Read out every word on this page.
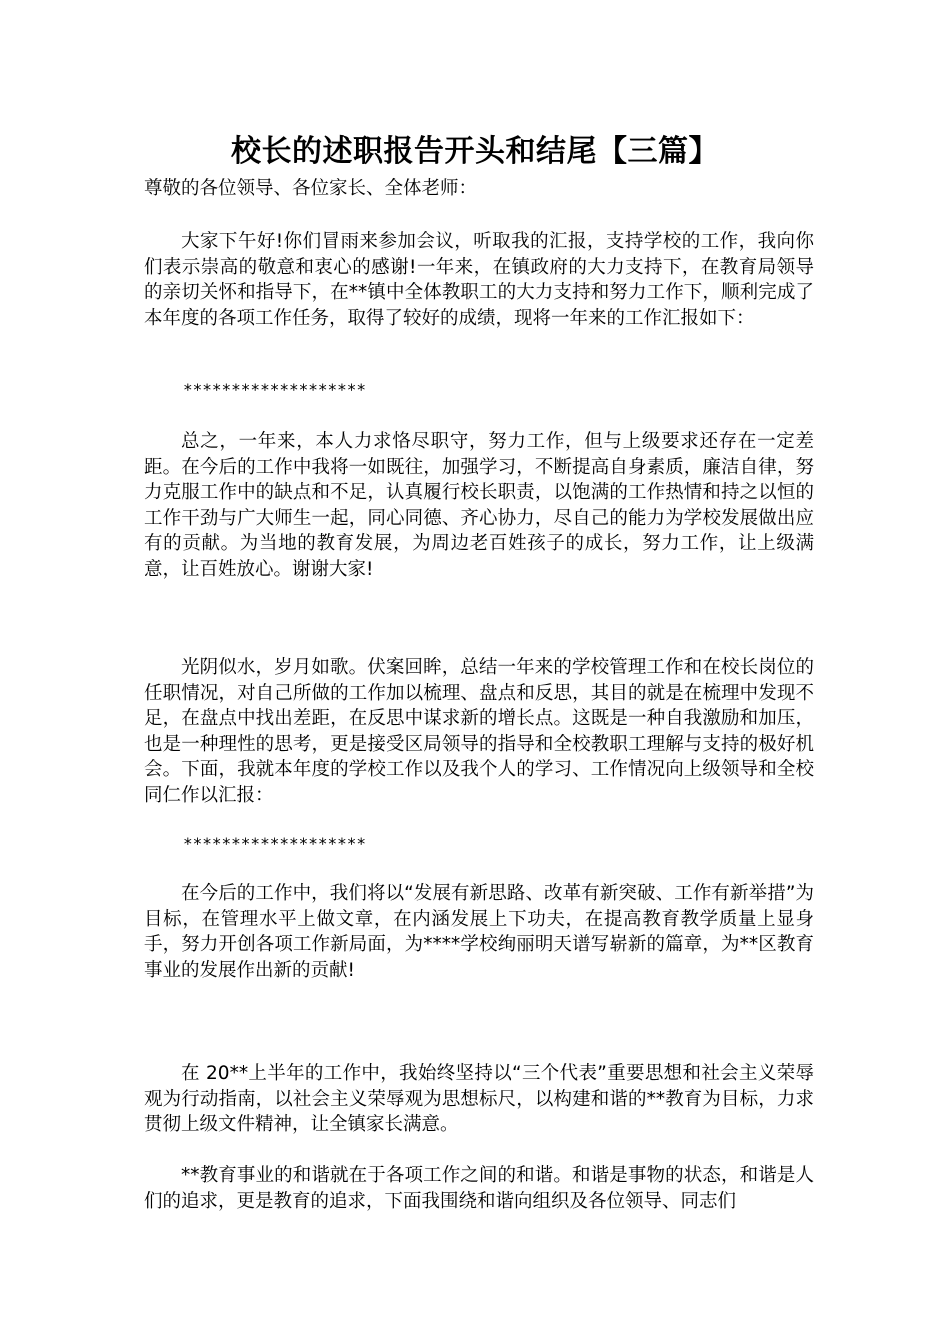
校长的述职报告开头和结尾【三篇】

尊敬的各位领导、各位家长、全体老师：

大家下午好!你们冒雨来参加会议，听取我的汇报，支持学校的工作，我向你们表示崇高的敬意和衷心的感谢!一年来，在镇政府的大力支持下，在教育局领导的亲切关怀和指导下，在**镇中全体教职工的大力支持和努力工作下，顺利完成了本年度的各项工作任务，取得了较好的成绩，现将一年来的工作汇报如下：

*******************

总之，一年来，本人力求恪尽职守，努力工作，但与上级要求还存在一定差距。在今后的工作中我将一如既往，加强学习，不断提高自身素质，廉洁自律，努力克服工作中的缺点和不足，认真履行校长职责，以饱满的工作热情和持之以恒的工作干劲与广大师生一起，同心同德、齐心协力，尽自己的能力为学校发展做出应有的贡献。为当地的教育发展，为周边老百姓孩子的成长，努力工作，让上级满意，让百姓放心。谢谢大家!

光阴似水，岁月如歌。伏案回眸，总结一年来的学校管理工作和在校长岗位的任职情况，对自己所做的工作加以梳理、盘点和反思，其目的就是在梳理中发现不足，在盘点中找出差距，在反思中谋求新的增长点。这既是一种自我激励和加压，也是一种理性的思考，更是接受区局领导的指导和全校教职工理解与支持的极好机会。下面，我就本年度的学校工作以及我个人的学习、工作情况向上级领导和全校同仁作以汇报：

*******************

在今后的工作中，我们将以“发展有新思路、改革有新突破、工作有新举措”为目标，在管理水平上做文章，在内涵发展上下功夫，在提高教育教学质量上显身手，努力开创各项工作新局面，为****学校绚丽明天谱写崭新的篇章，为**区教育事业的发展作出新的贡献!

在 20**上半年的工作中，我始终坚持以“三个代表”重要思想和社会主义荣辱观为行动指南，以社会主义荣辱观为思想标尺，以构建和谐的**教育为目标，力求贯彻上级文件精神，让全镇家长满意。

**教育事业的和谐就在于各项工作之间的和谐。和谐是事物的状态，和谐是人们的追求，更是教育的追求，下面我围绕和谐向组织及各位领导、同志们
